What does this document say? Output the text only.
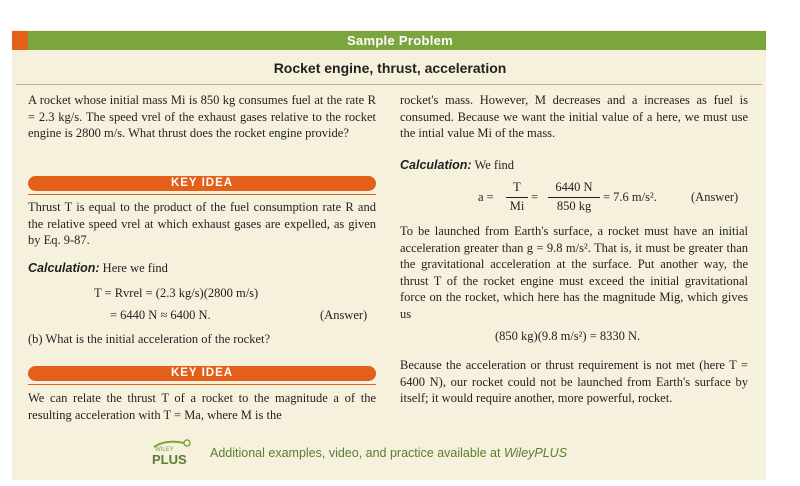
Sample Problem
Rocket engine, thrust, acceleration
A rocket whose initial mass Mi is 850 kg consumes fuel at the rate R = 2.3 kg/s. The speed vrel of the exhaust gases relative to the rocket engine is 2800 m/s. What thrust does the rocket engine provide?
KEY IDEA
Thrust T is equal to the product of the fuel consumption rate R and the relative speed vrel at which exhaust gases are expelled, as given by Eq. 9-87.
Calculation: Here we find
T = Rvrel = (2.3 kg/s)(2800 m/s)
= 6440 N ≈ 6400 N.	(Answer)
(b) What is the initial acceleration of the rocket?
KEY IDEA
We can relate the thrust T of a rocket to the magnitude a of the resulting acceleration with T = Ma, where M is the
rocket's mass. However, M decreases and a increases as fuel is consumed. Because we want the initial value of a here, we must use the intial value Mi of the mass.
Calculation: We find
a =
T
Mi
=
6440 N
850 kg
= 7.6 m/s².	(Answer)
To be launched from Earth's surface, a rocket must have an initial acceleration greater than g = 9.8 m/s². That is, it must be greater than the gravitational acceleration at the surface. Put another way, the thrust T of the rocket engine must exceed the initial gravitational force on the rocket, which here has the magnitude Mig, which gives us
(850 kg)(9.8 m/s²) = 8330 N.
Because the acceleration or thrust requirement is not met (here T = 6400 N), our rocket could not be launched from Earth's surface by itself; it would require another, more powerful, rocket.
WILEY
PLUS Additional examples, video, and practice available at WileyPLUS
